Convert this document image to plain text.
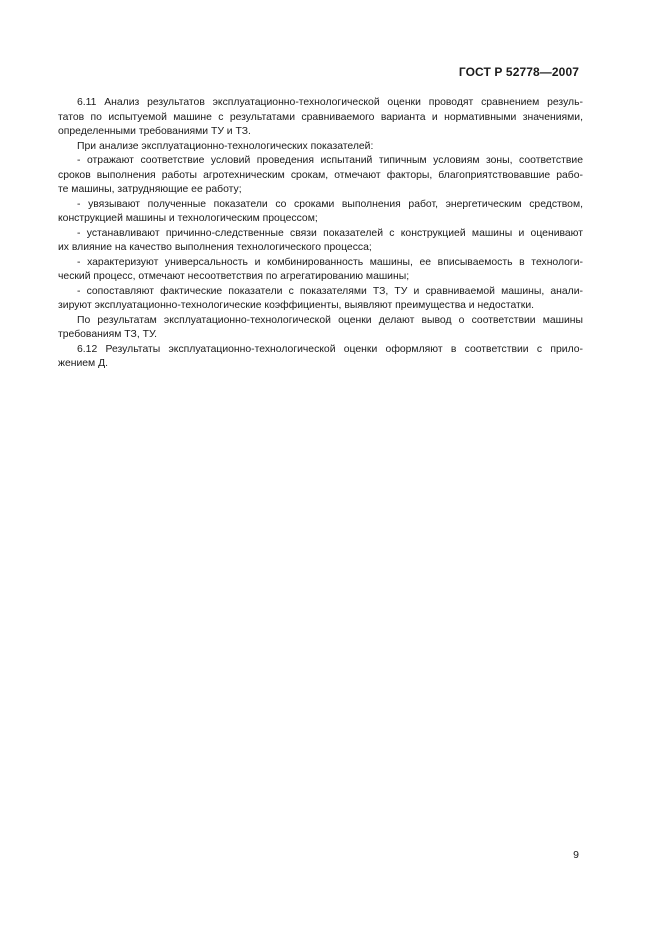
ГОСТ Р 52778—2007
6.11 Анализ результатов эксплуатационно-технологической оценки проводят сравнением резуль-
татов по испытуемой машине с результатами сравниваемого варианта и нормативными значениями,
определенными требованиями ТУ и ТЗ.
При анализе эксплуатационно-технологических показателей:
- отражают соответствие условий проведения испытаний типичным условиям зоны, соответствие
сроков выполнения работы агротехническим срокам, отмечают факторы, благоприятствовавшие рабо-
те машины, затрудняющие ее работу;
- увязывают полученные показатели со сроками выполнения работ, энергетическим средством,
конструкцией машины и технологическим процессом;
- устанавливают причинно-следственные связи показателей с конструкцией машины и оценивают
их влияние на качество выполнения технологического процесса;
- характеризуют универсальность и комбинированность машины, ее вписываемость в технологи-
ческий процесс, отмечают несоответствия по агрегатированию машины;
- сопоставляют фактические показатели с показателями ТЗ, ТУ и сравниваемой машины, анали-
зируют эксплуатационно-технологические коэффициенты, выявляют преимущества и недостатки.
По результатам эксплуатационно-технологической оценки делают вывод о соответствии машины
требованиям ТЗ, ТУ.
6.12 Результаты эксплуатационно-технологической оценки оформляют в соответствии с прило-
жением Д.
9
